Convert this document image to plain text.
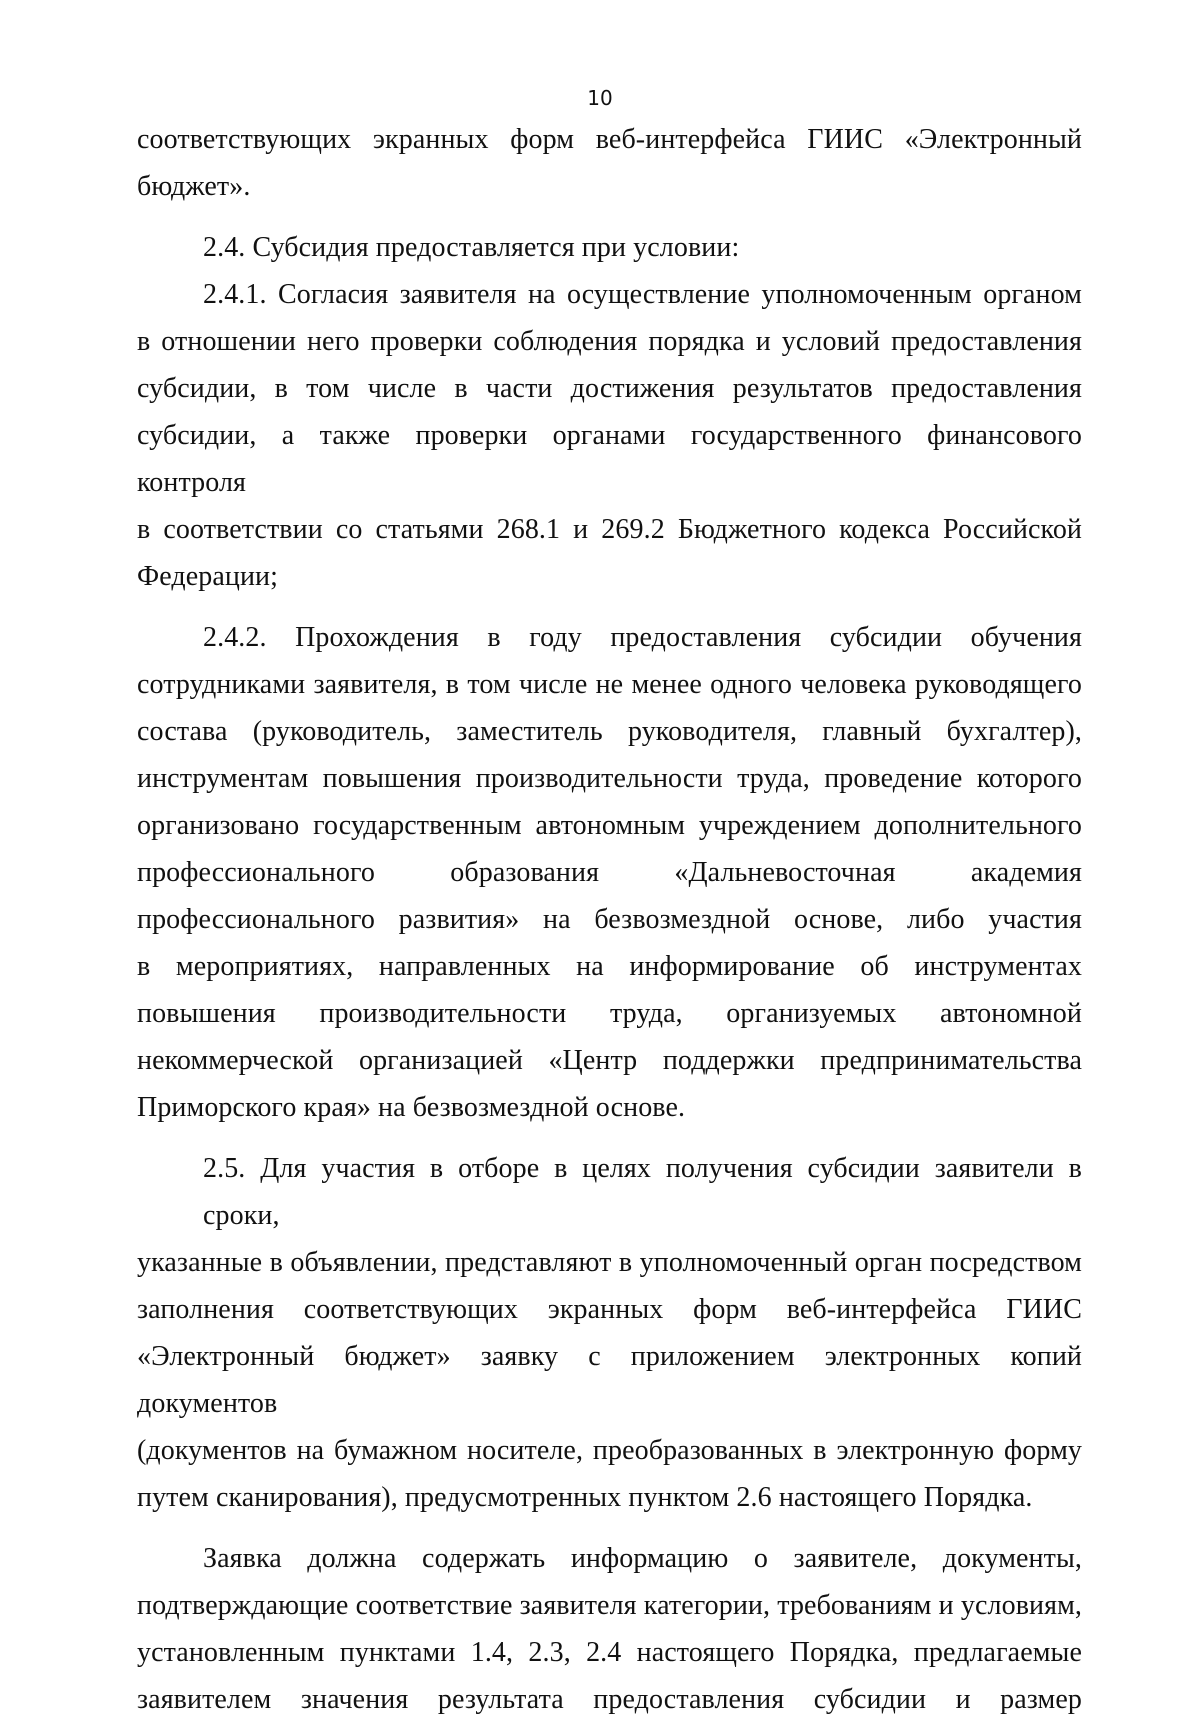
10
соответствующих экранных форм веб-интерфейса ГИИС «Электронный
бюджет».
2.4. Субсидия предоставляется при условии:
2.4.1. Согласия заявителя на осуществление уполномоченным органом
в отношении него проверки соблюдения порядка и условий предоставления
субсидии, в том числе в части достижения результатов предоставления
субсидии, а также проверки органами государственного финансового контроля
в соответствии со статьями 268.1 и 269.2 Бюджетного кодекса Российской
Федерации;
2.4.2. Прохождения в году предоставления субсидии обучения
сотрудниками заявителя, в том числе не менее одного человека руководящего
состава (руководитель, заместитель руководителя, главный бухгалтер),
инструментам повышения производительности труда, проведение которого
организовано государственным автономным учреждением дополнительного
профессионального образования «Дальневосточная академия
профессионального развития» на безвозмездной основе, либо участия
в мероприятиях, направленных на информирование об инструментах
повышения производительности труда, организуемых автономной
некоммерческой организацией «Центр поддержки предпринимательства
Приморского края» на безвозмездной основе.
2.5. Для участия в отборе в целях получения субсидии заявители в сроки,
указанные в объявлении, представляют в уполномоченный орган посредством
заполнения соответствующих экранных форм веб-интерфейса ГИИС
«Электронный бюджет» заявку с приложением электронных копий документов
(документов на бумажном носителе, преобразованных в электронную форму
путем сканирования), предусмотренных пунктом 2.6 настоящего Порядка.
Заявка должна содержать информацию о заявителе, документы,
подтверждающие соответствие заявителя категории, требованиям и условиям,
установленным пунктами 1.4, 2.3, 2.4 настоящего Порядка, предлагаемые
заявителем значения результата предоставления субсидии и размер
